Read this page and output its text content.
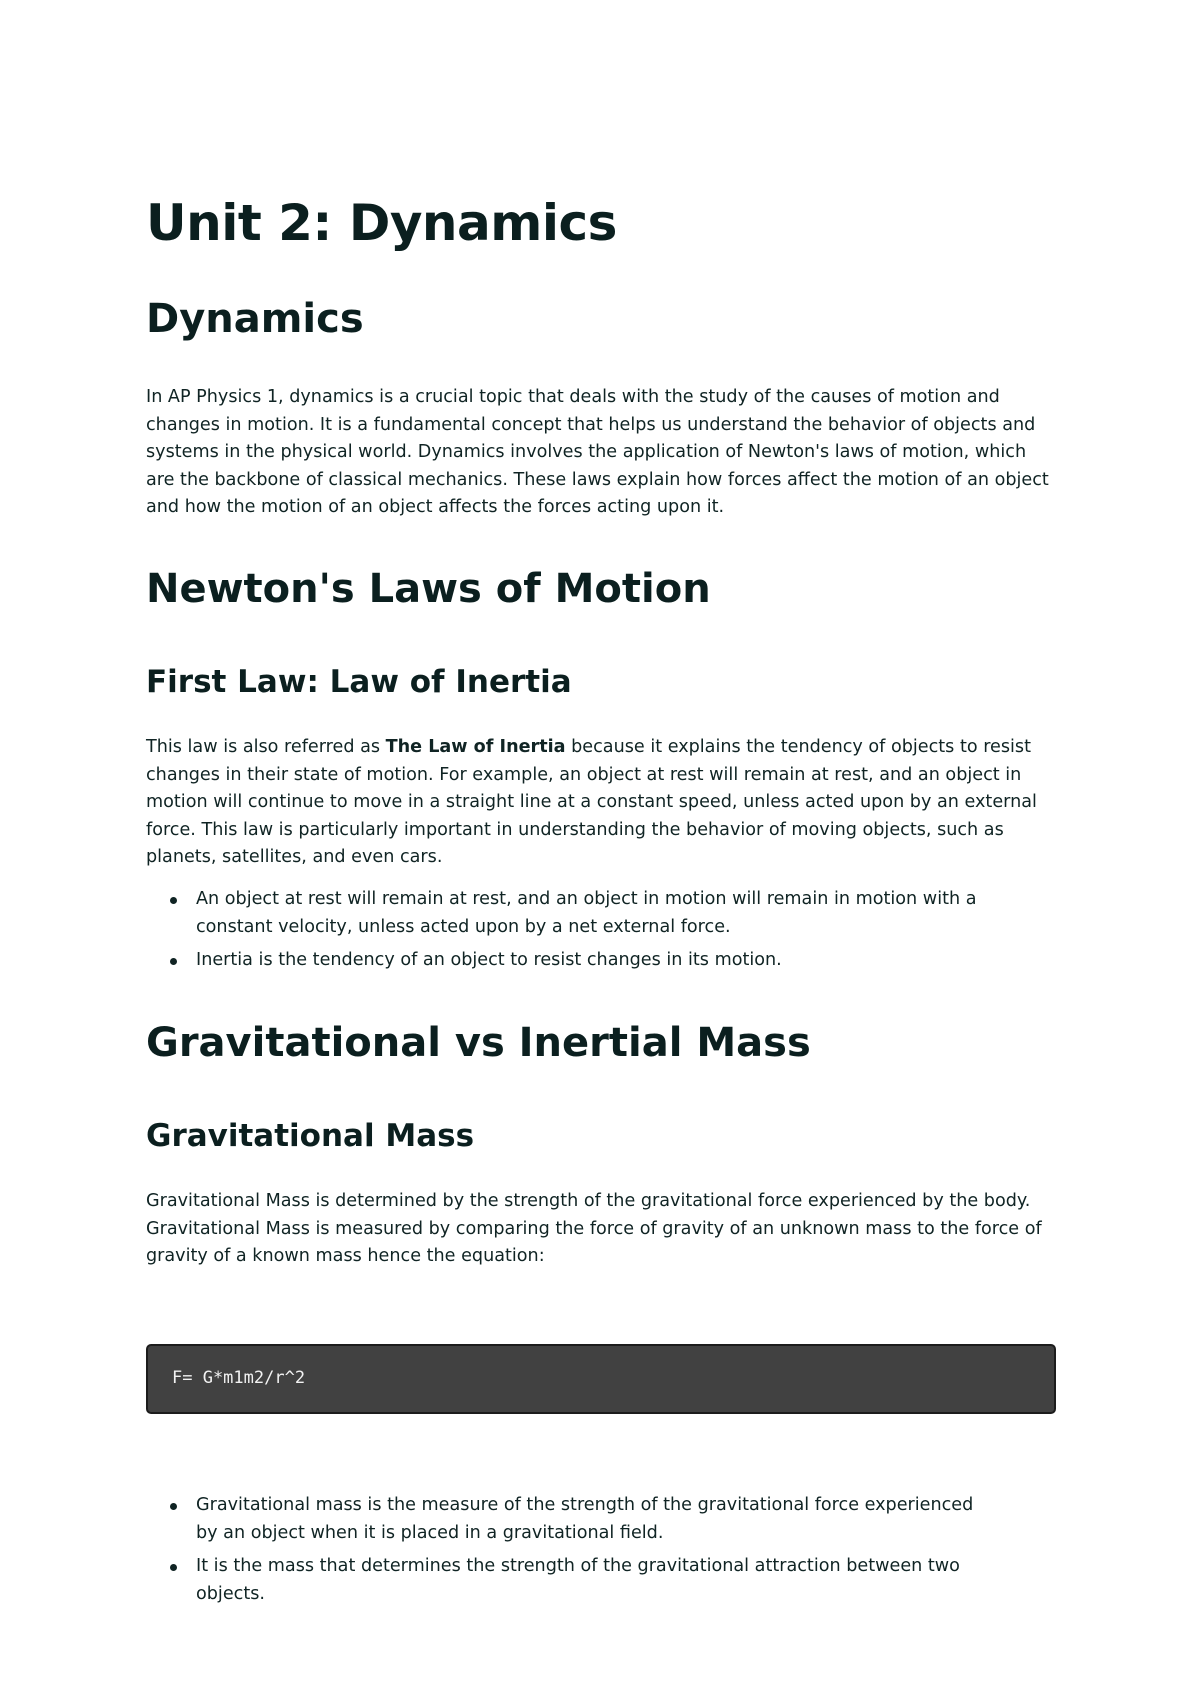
Unit 2: Dynamics
Dynamics

In AP Physics 1, dynamics is a crucial topic that deals with the study of the causes of motion and changes in motion. It is a fundamental concept that helps us understand the behavior of objects and systems in the physical world. Dynamics involves the application of Newton's laws of motion, which are the backbone of classical mechanics. These laws explain how forces affect the motion of an object and how the motion of an object affects the forces acting upon it.

Newton's Laws of Motion
First Law: Law of Inertia

This law is also referred as The Law of Inertia because it explains the tendency of objects to resist changes in their state of motion. For example, an object at rest will remain at rest, and an object in motion will continue to move in a straight line at a constant speed, unless acted upon by an external force. This law is particularly important in understanding the behavior of moving objects, such as planets, satellites, and even cars.

An object at rest will remain at rest, and an object in motion will remain in motion with a constant velocity, unless acted upon by a net external force.
Inertia is the tendency of an object to resist changes in its motion.
Gravitational vs Inertial Mass
Gravitational Mass

Gravitational Mass is determined by the strength of the gravitational force experienced by the body. Gravitational Mass is measured by comparing the force of gravity of an unknown mass to the force of gravity of a known mass hence the equation:

F= G*m1m2/r^2
Gravitational mass is the measure of the strength of the gravitational force experienced by an object when it is placed in a gravitational field.
It is the mass that determines the strength of the gravitational attraction between two objects.
